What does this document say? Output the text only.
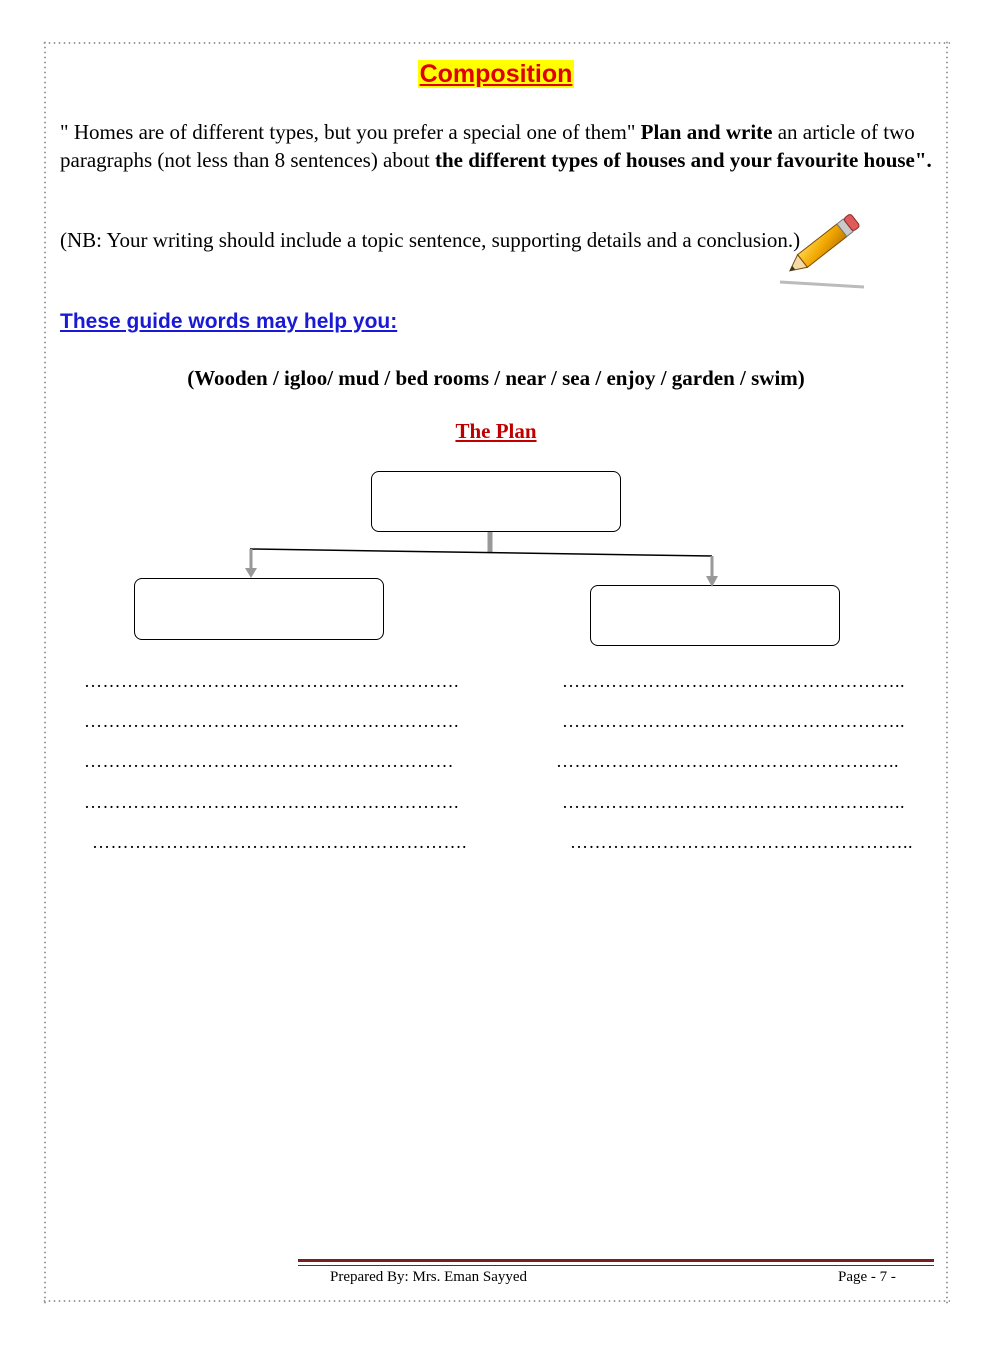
Composition
" Homes are of different types, but you prefer a special one of them" Plan and write an article of two paragraphs (not less than 8 sentences) about the different types of houses and your favourite house".
(NB: Your writing should include a topic sentence, supporting details and a conclusion.)
These guide words may help you:
(Wooden / igloo/ mud / bed rooms / near / sea / enjoy / garden / swim)
The Plan
…………………………………………………….
…………………………………………………….
……………………………………………………
…………………………………………………….
…………………………………………………….
………………………………………………..
………………………………………………..
………………………………………………..
………………………………………………..
………………………………………………..
Prepared By: Mrs. Eman Sayyed	Page - 7 -
